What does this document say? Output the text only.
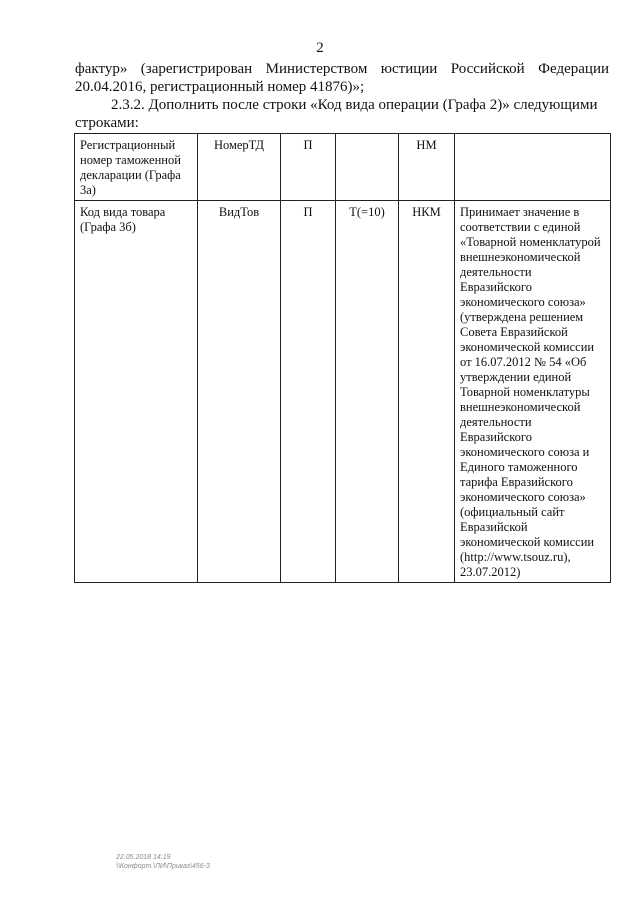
2
фактур» (зарегистрирован Министерством юстиции Российской Федерации 20.04.2016, регистрационный номер 41876)»;
2.3.2. Дополнить после строки «Код вида операции (Графа 2)» следующими
строками:
Регистрационный номер таможенной декларации (Графа 3а)	НомерТД	П		НМ	
Код вида товара (Графа 3б)	ВидТов	П	Т(=10)	НКМ	Принимает значение в соответствии с единой «Товарной номенклатурой внешнеэкономической деятельности Евразийского экономического союза» (утверждена решением Совета Евразийской экономической комиссии от 16.07.2012 № 54 «Об утверждении единой Товарной номенклатуры внешнеэкономической деятельности Евразийского экономического союза и Единого таможенного тарифа Евразийского экономического союза» (официальный сайт Евразийской экономической комиссии (http://www.tsouz.ru), 23.07.2012)
22.05.2018 14:19
\\Конфорт.\ЛИ\Приказ\456-3
